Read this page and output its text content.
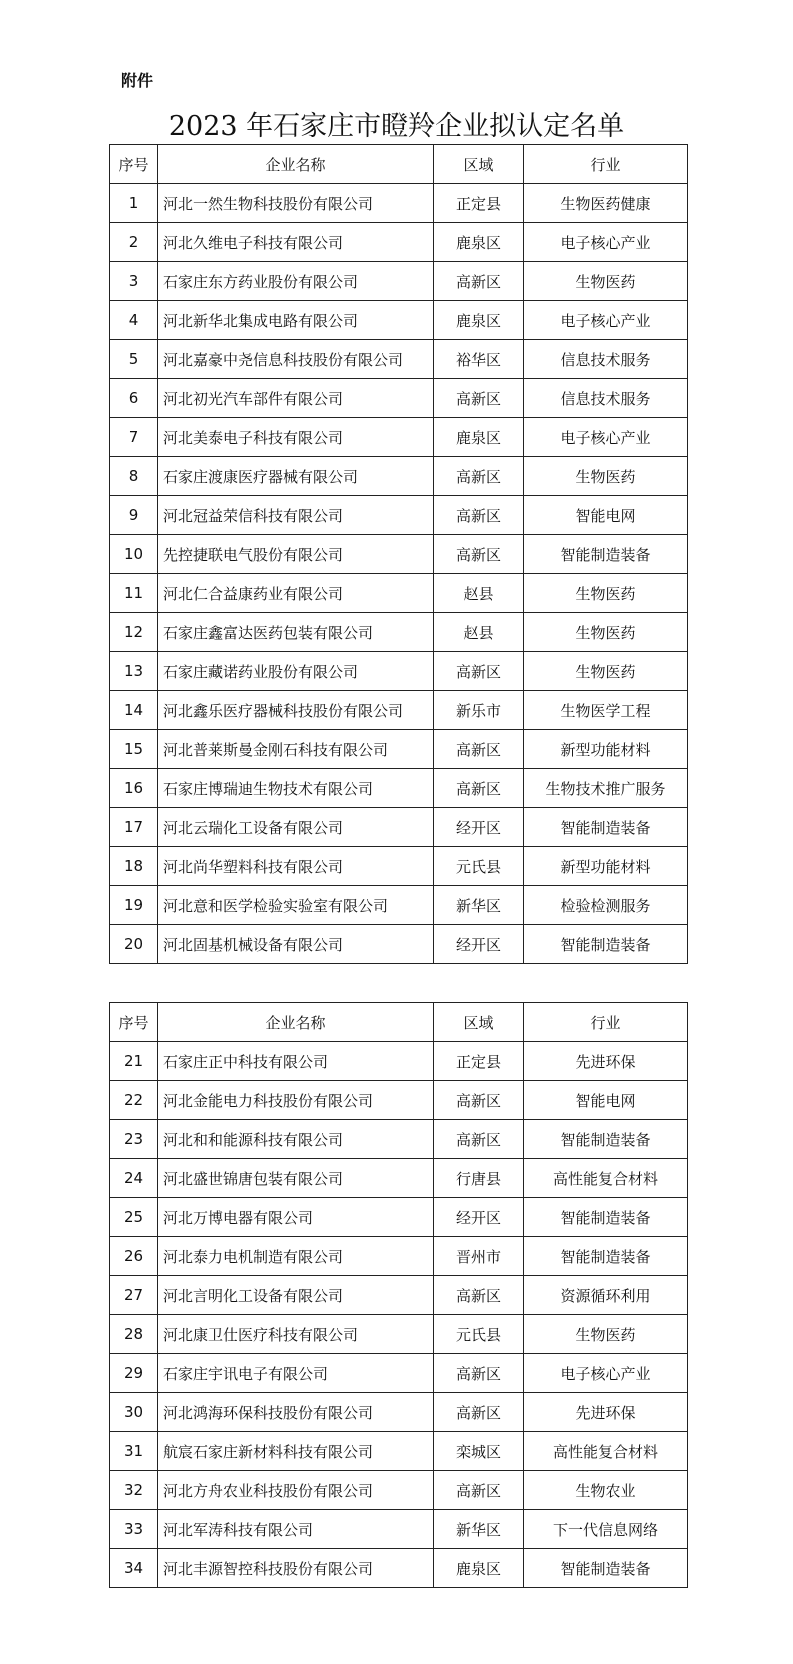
附件
2023 年石家庄市瞪羚企业拟认定名单
序号	企业名称	区域	行业
1	河北一然生物科技股份有限公司	正定县	生物医药健康
2	河北久维电子科技有限公司	鹿泉区	电子核心产业
3	石家庄东方药业股份有限公司	高新区	生物医药
4	河北新华北集成电路有限公司	鹿泉区	电子核心产业
5	河北嘉豪中尧信息科技股份有限公司	裕华区	信息技术服务
6	河北初光汽车部件有限公司	高新区	信息技术服务
7	河北美泰电子科技有限公司	鹿泉区	电子核心产业
8	石家庄渡康医疗器械有限公司	高新区	生物医药
9	河北冠益荣信科技有限公司	高新区	智能电网
10	先控捷联电气股份有限公司	高新区	智能制造装备
11	河北仁合益康药业有限公司	赵县	生物医药
12	石家庄鑫富达医药包装有限公司	赵县	生物医药
13	石家庄藏诺药业股份有限公司	高新区	生物医药
14	河北鑫乐医疗器械科技股份有限公司	新乐市	生物医学工程
15	河北普莱斯曼金刚石科技有限公司	高新区	新型功能材料
16	石家庄博瑞迪生物技术有限公司	高新区	生物技术推广服务
17	河北云瑞化工设备有限公司	经开区	智能制造装备
18	河北尚华塑料科技有限公司	元氏县	新型功能材料
19	河北意和医学检验实验室有限公司	新华区	检验检测服务
20	河北固基机械设备有限公司	经开区	智能制造装备
序号	企业名称	区域	行业
21	石家庄正中科技有限公司	正定县	先进环保
22	河北金能电力科技股份有限公司	高新区	智能电网
23	河北和和能源科技有限公司	高新区	智能制造装备
24	河北盛世锦唐包装有限公司	行唐县	高性能复合材料
25	河北万博电器有限公司	经开区	智能制造装备
26	河北泰力电机制造有限公司	晋州市	智能制造装备
27	河北言明化工设备有限公司	高新区	资源循环利用
28	河北康卫仕医疗科技有限公司	元氏县	生物医药
29	石家庄宇讯电子有限公司	高新区	电子核心产业
30	河北鸿海环保科技股份有限公司	高新区	先进环保
31	航宸石家庄新材料科技有限公司	栾城区	高性能复合材料
32	河北方舟农业科技股份有限公司	高新区	生物农业
33	河北军涛科技有限公司	新华区	下一代信息网络
34	河北丰源智控科技股份有限公司	鹿泉区	智能制造装备
